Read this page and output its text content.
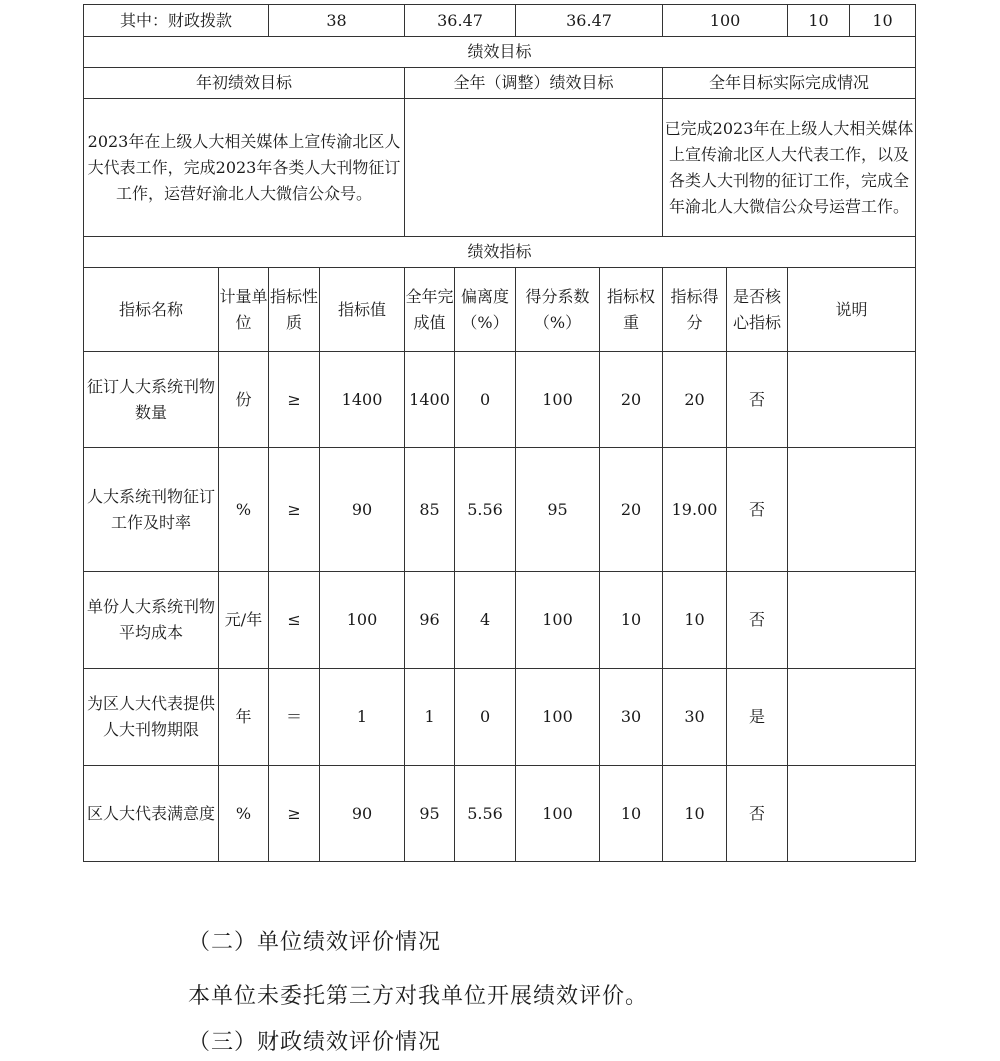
其中：财政拨款		38		36.47		36.47		100		10 10

绩效目标										
年初绩效目标				全年（调整）绩效目标				全年目标实际完成情况		
2023年在上级人大相关媒体上宣传渝北区人大代表工作，完成2023年各类人大刊物征订工作，运营好渝北人大微信公众号。								已完成2023年在上级人大相关媒体上宣传渝北区人大代表工作，以及各类人大刊物的征订工作，完成全年渝北人大微信公众号运营工作。		
绩效指标										
指标名称	计量单位	指标性质	指标值	全年完成值	偏离度（%）	得分系数（%）	指标权重	指标得分	是否核心指标	说明
征订人大系统刊物数量	份	≥	1400	1400	0	100	20	20	否	
人大系统刊物征订工作及时率	%	≥	90	85	5.56	95	20	19.00	否	
单份人大系统刊物平均成本	元/年	≤	100	96	4	100	10	10	否	
为区人大代表提供人大刊物期限	年	＝	1	1	0	100	30	30	是	
区人大代表满意度	%	≥	90	95	5.56	100	10	10	否	
（二）单位绩效评价情况
本单位未委托第三方对我单位开展绩效评价。
（三）财政绩效评价情况
